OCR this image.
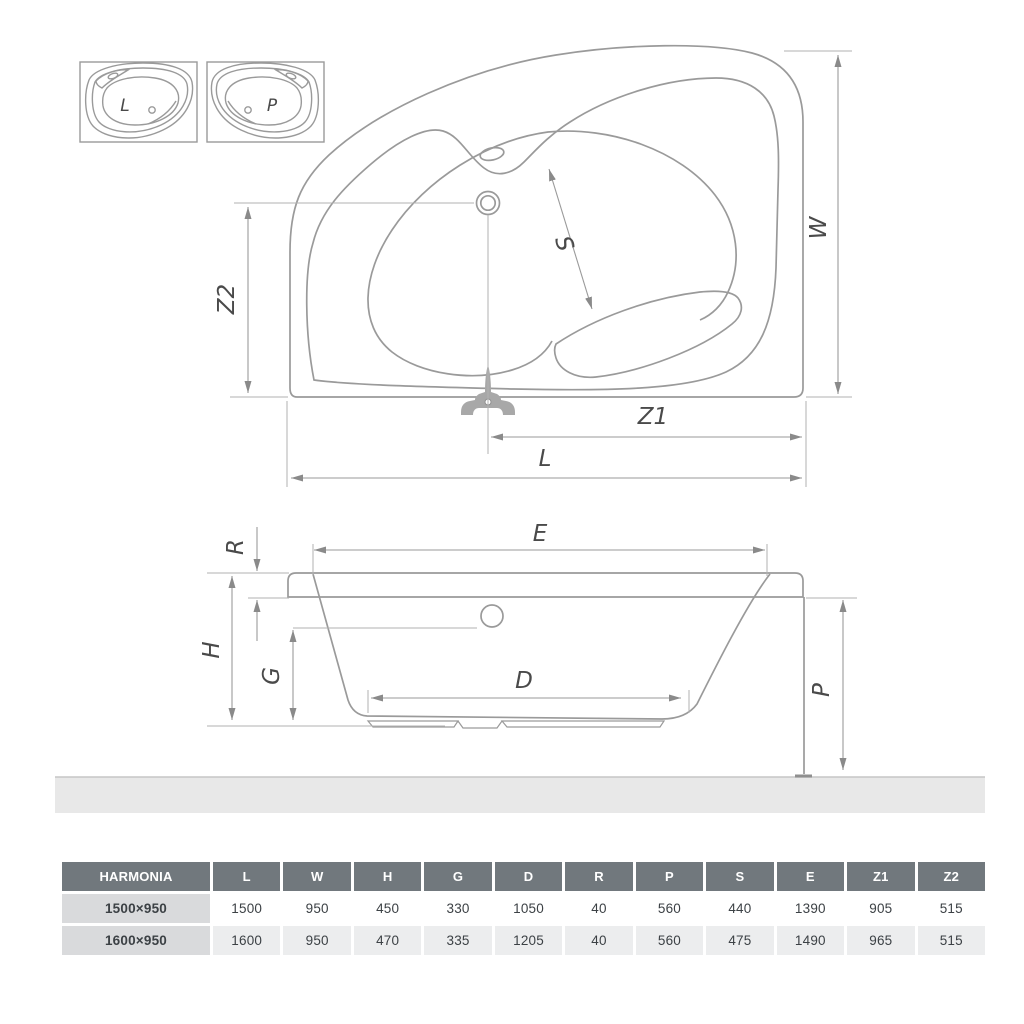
L	P
W
Z2
S
Z1
L
E
R
H
G	D	P
HARMONIA	L	W	H	G	D	R	P	S	E	Z1	Z2
1500×950	1500	950	450	330	1050	40	560	440	1390	905	515
1600×950	1600	950	470	335	1205	40	560	475	1490	965	515
